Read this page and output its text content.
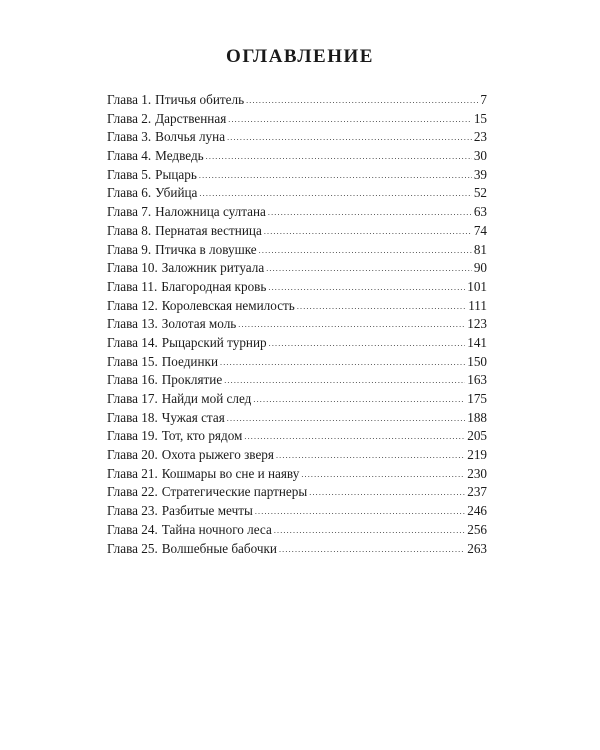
ОГЛАВЛЕНИЕ
Глава 1. Птичья обитель .....	7
Глава 2. Дарственная .....	15
Глава 3. Волчья луна .....	23
Глава 4. Медведь .....	30
Глава 5. Рыцарь .....	39
Глава 6. Убийца .....	52
Глава 7. Наложница султана .....	63
Глава 8. Пернатая вестница .....	74
Глава 9. Птичка в ловушке .....	81
Глава 10. Заложник ритуала .....	90
Глава 11. Благородная кровь .....	101
Глава 12. Королевская немилость .....	111
Глава 13. Золотая моль .....	123
Глава 14. Рыцарский турнир .....	141
Глава 15. Поединки .....	150
Глава 16. Проклятие .....	163
Глава 17. Найди мой след .....	175
Глава 18. Чужая стая .....	188
Глава 19. Тот, кто рядом .....	205
Глава 20. Охота рыжего зверя .....	219
Глава 21. Кошмары во сне и наяву .....	230
Глава 22. Стратегические партнеры .....	237
Глава 23. Разбитые мечты .....	246
Глава 24. Тайна ночного леса .....	256
Глава 25. Волшебные бабочки .....	263
